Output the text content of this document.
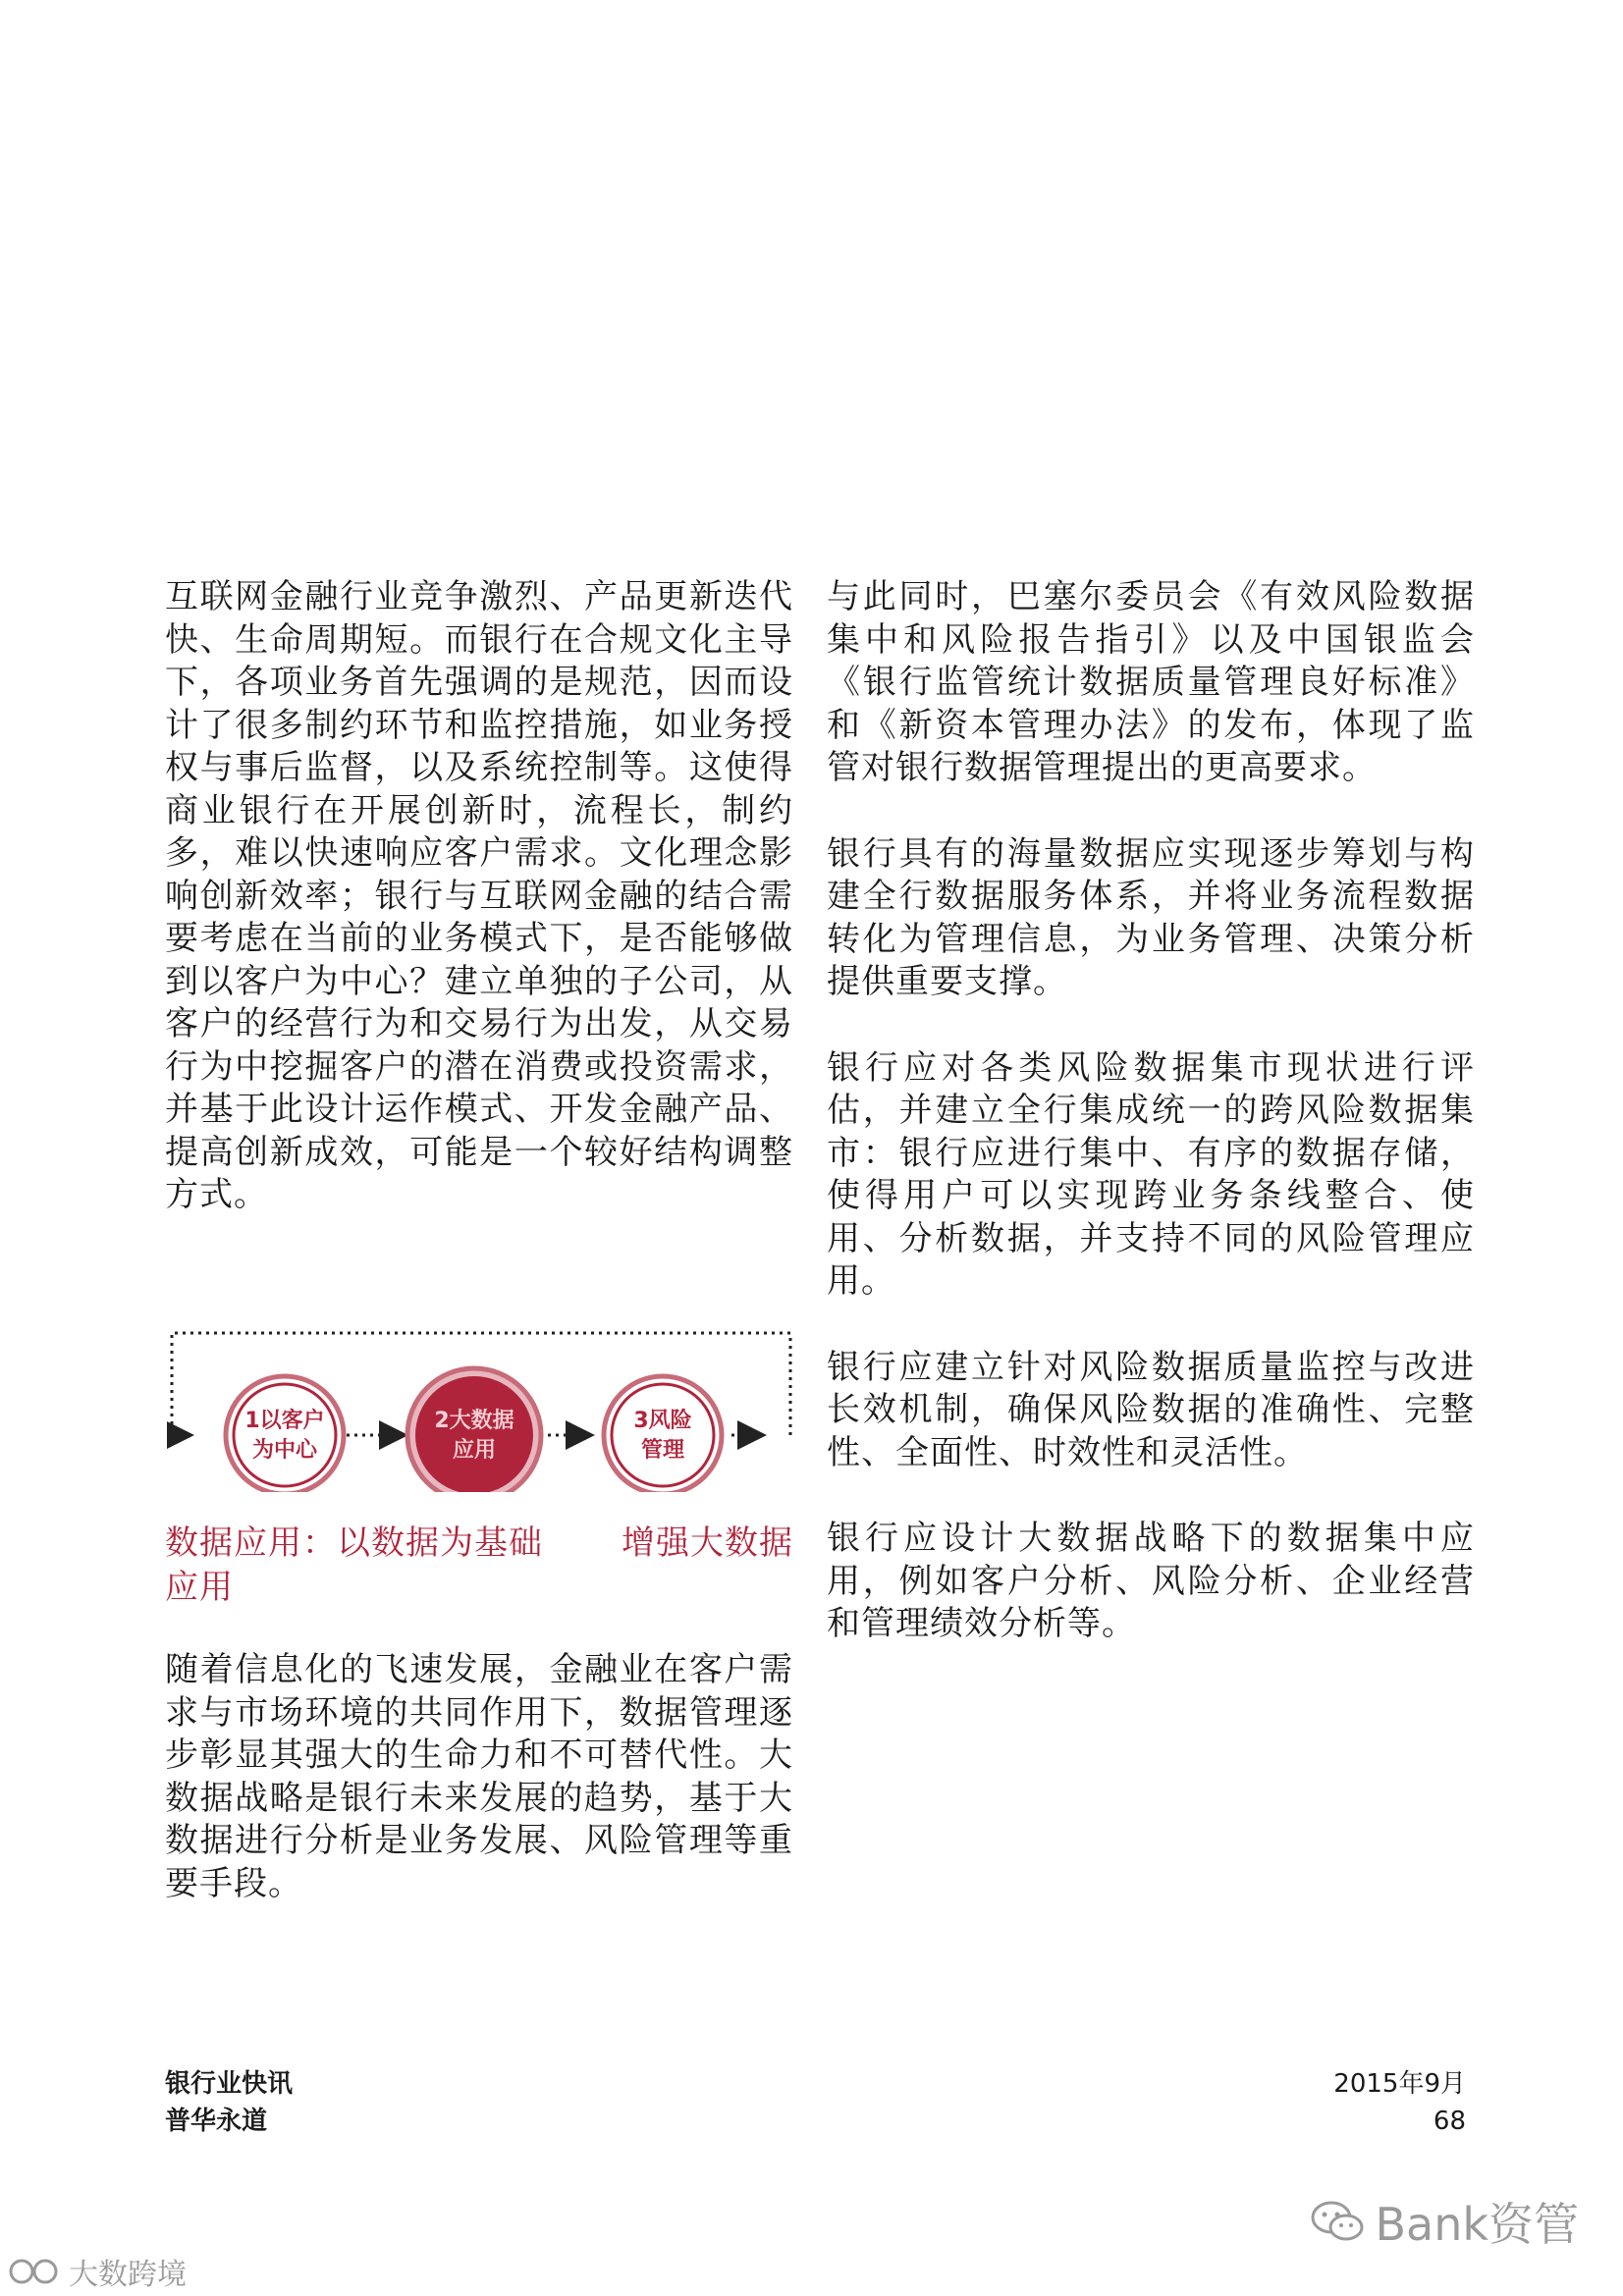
互联网金融行业竞争激烈、产品更新迭代快、生命周期短。而银行在合规文化主导下，各项业务首先强调的是规范，因而设计了很多制约环节和监控措施，如业务授权与事后监督，以及系统控制等。这使得商业银行在开展创新时，流程长，制约多，难以快速响应客户需求。文化理念影响创新效率；银行与互联网金融的结合需要考虑在当前的业务模式下，是否能够做到以客户为中心？建立单独的子公司，从客户的经营行为和交易行为出发，从交易行为中挖掘客户的潜在消费或投资需求，并基于此设计运作模式、开发金融产品、提高创新成效，可能是一个较好结构调整方式。

1以客户
为中心
2大数据
应用
3风险
管理
数据应用：以数据为基础 增强大数据
应用

随着信息化的飞速发展，金融业在客户需求与市场环境的共同作用下，数据管理逐步彰显其强大的生命力和不可替代性。大数据战略是银行未来发展的趋势，基于大数据进行分析是业务发展、风险管理等重要手段。

与此同时，巴塞尔委员会《有效风险数据集中和风险报告指引》以及中国银监会《银行监管统计数据质量管理良好标准》和《新资本管理办法》的发布，体现了监管对银行数据管理提出的更高要求。

银行具有的海量数据应实现逐步筹划与构建全行数据服务体系，并将业务流程数据转化为管理信息，为业务管理、决策分析提供重要支撑。

银行应对各类风险数据集市现状进行评估，并建立全行集成统一的跨风险数据集市：银行应进行集中、有序的数据存储，使得用户可以实现跨业务条线整合、使用、分析数据，并支持不同的风险管理应用。

银行应建立针对风险数据质量监控与改进长效机制，确保风险数据的准确性、完整性、全面性、时效性和灵活性。

银行应设计大数据战略下的数据集中应用，例如客户分析、风险分析、企业经营和管理绩效分析等。

银行业快讯
普华永道
2015年9月
68
Bank资管
大数跨境
